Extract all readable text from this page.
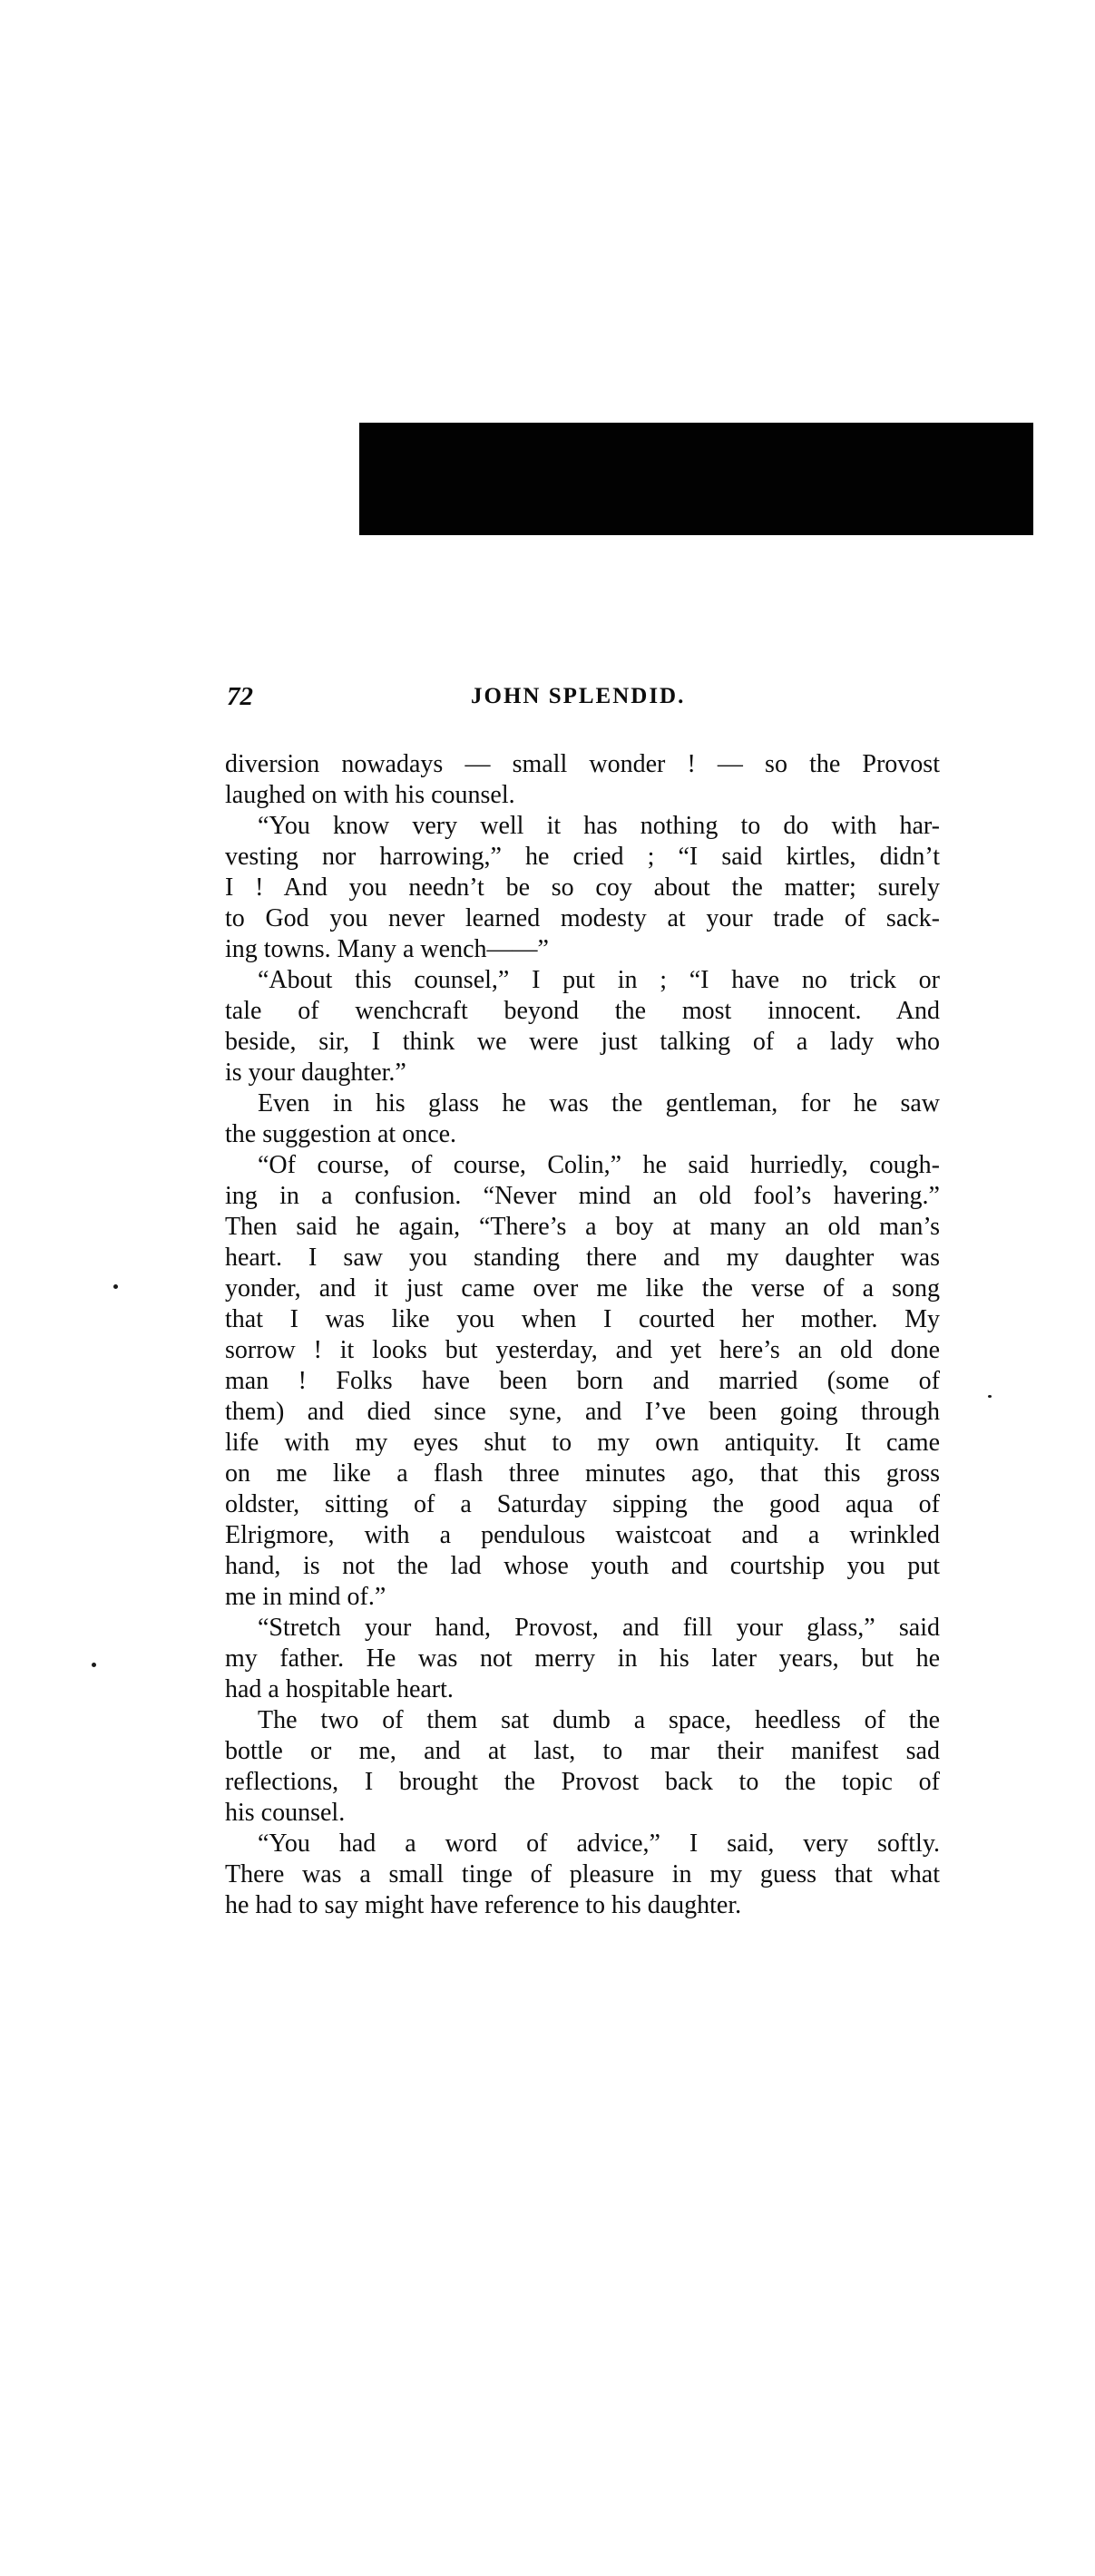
72	JOHN SPLENDID.
diversion nowadays — small wonder ! — so the Provost
laughed on with his counsel.
“You know very well it has nothing to do with har-
vesting nor harrowing,” he cried ; “I said kirtles, didn’t
I ! And you needn’t be so coy about the matter; surely
to God you never learned modesty at your trade of sack-
ing towns. Many a wench——”
“About this counsel,” I put in ; “I have no trick or
tale of wenchcraft beyond the most innocent. And
beside, sir, I think we were just talking of a lady who
is your daughter.”
Even in his glass he was the gentleman, for he saw
the suggestion at once.
“Of course, of course, Colin,” he said hurriedly, cough-
ing in a confusion. “Never mind an old fool’s havering.”
Then said he again, “There’s a boy at many an old man’s
heart. I saw you standing there and my daughter was
yonder, and it just came over me like the verse of a song
that I was like you when I courted her mother. My
sorrow ! it looks but yesterday, and yet here’s an old done
man ! Folks have been born and married (some of
them) and died since syne, and I’ve been going through
life with my eyes shut to my own antiquity. It came
on me like a flash three minutes ago, that this gross
oldster, sitting of a Saturday sipping the good aqua of
Elrigmore, with a pendulous waistcoat and a wrinkled
hand, is not the lad whose youth and courtship you put
me in mind of.”
“Stretch your hand, Provost, and fill your glass,” said
my father. He was not merry in his later years, but he
had a hospitable heart.
The two of them sat dumb a space, heedless of the
bottle or me, and at last, to mar their manifest sad
reflections, I brought the Provost back to the topic of
his counsel.
“You had a word of advice,” I said, very softly.
There was a small tinge of pleasure in my guess that what
he had to say might have reference to his daughter.
